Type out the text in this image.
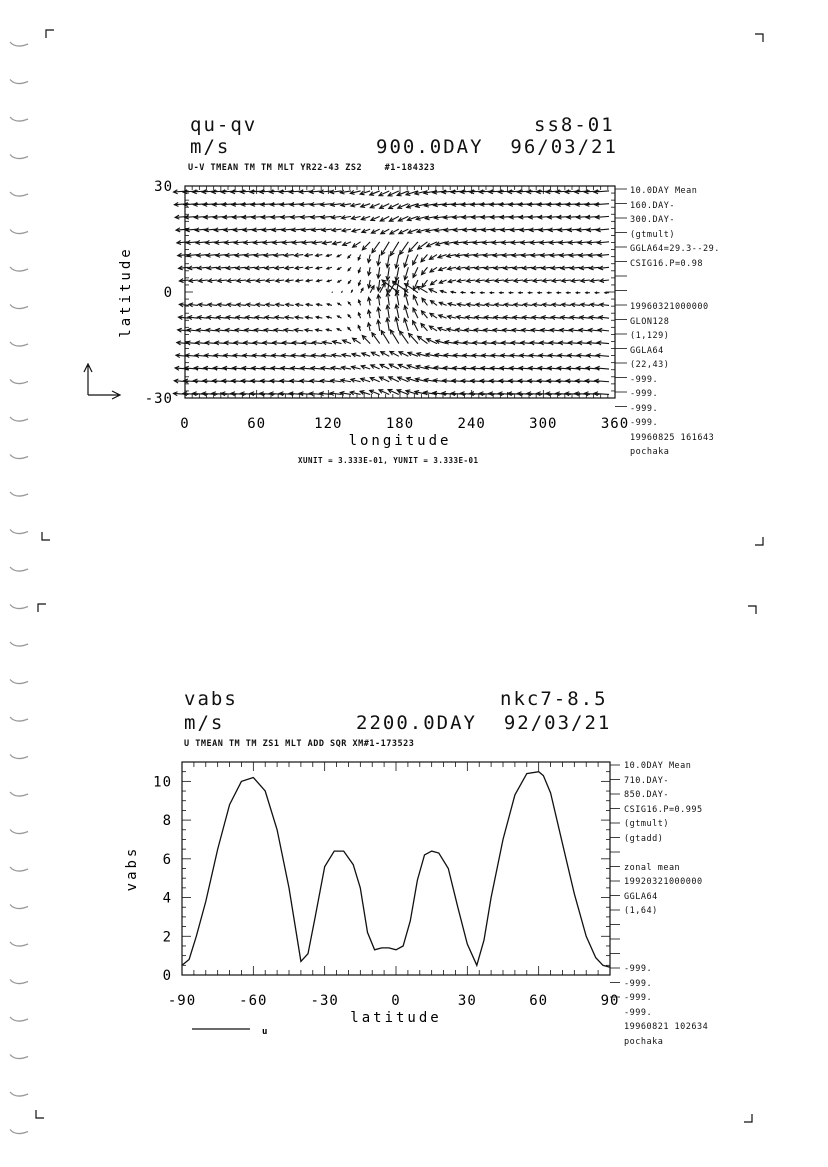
qu-qv	ss8-01
m/s	900.0DAY  96/03/21
U-V TMEAN TM TM MLT YR22-43 ZS2    #1-184323
10.0DAY Mean
160.DAY-
300.DAY-
(gtmult)
GGLA64=29.3--29.
CSIG16.P=0.98

19960321000000
GLON128
(1,129)
GGLA64
(22,43)
-999.
-999.
-999.
-999.
19960825 161643
pochaka
XUNIT = 3.333E-01, YUNIT = 3.333E-01
0	60	120	180	240	300	360
-30
0
30
longitude
latitude
vabs	nkc7-8.5
m/s	2200.0DAY  92/03/21
U TMEAN TM TM ZS1 MLT ADD SQR XM#1-173523
10.0DAY Mean
710.DAY-
850.DAY-
CSIG16.P=0.995
(gtmult)
(gtadd)

zonal mean
19920321000000
GGLA64
(1,64)

-999.
-999.
-999.
-999.
19960821 102634
pochaka
-90	-60	-30	0	30	60	90
0
2
4
6
8
10
latitude
vabs
u
